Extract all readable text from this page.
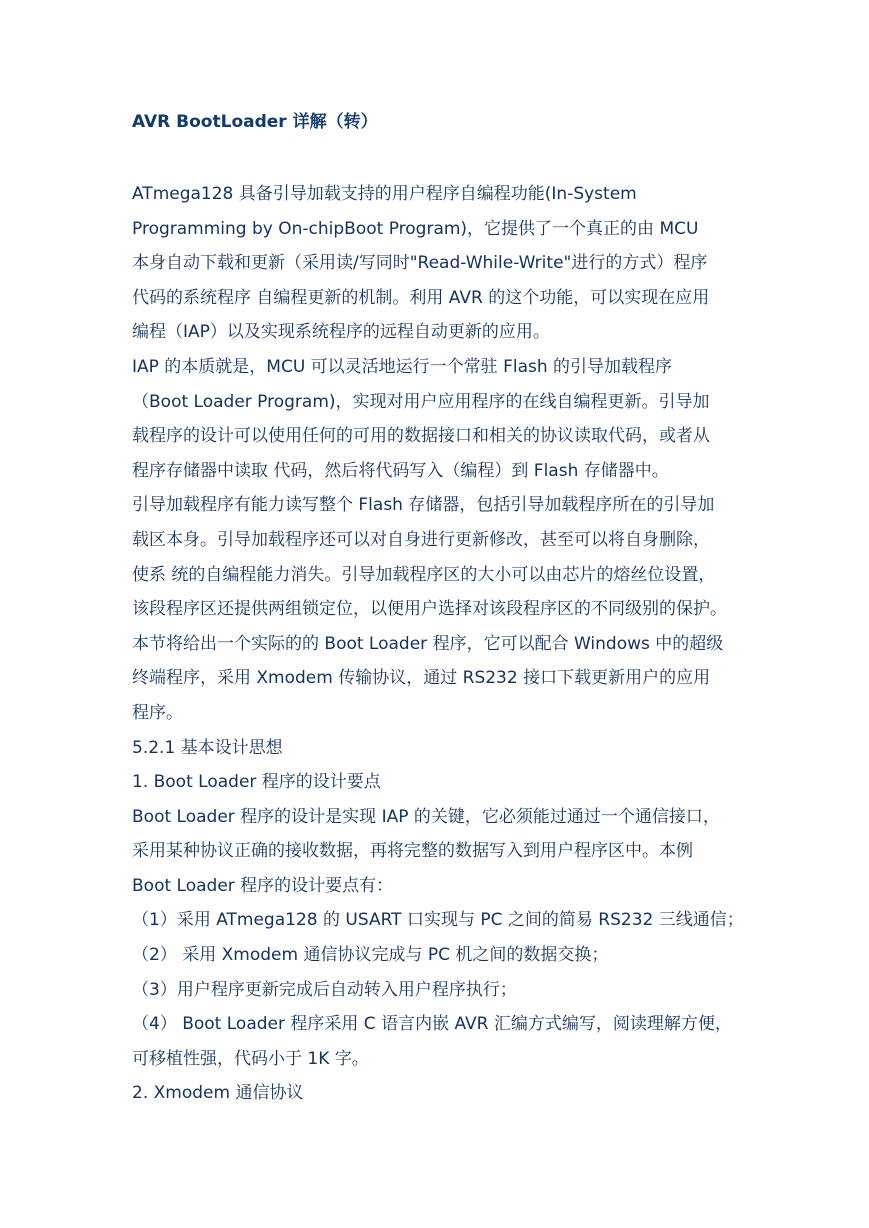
AVR BootLoader 详解（转）
ATmega128 具备引导加载支持的用户程序自编程功能(In-System
Programming by On-chipBoot Program)，它提供了一个真正的由 MCU
本身自动下载和更新（采用读/写同时"Read-While-Write"进行的方式）程序
代码的系统程序 自编程更新的机制。利用 AVR 的这个功能，可以实现在应用
编程（IAP）以及实现系统程序的远程自动更新的应用。
IAP 的本质就是，MCU 可以灵活地运行一个常驻 Flash 的引导加载程序
（Boot Loader Program)，实现对用户应用程序的在线自编程更新。引导加
载程序的设计可以使用任何的可用的数据接口和相关的协议读取代码，或者从
程序存储器中读取 代码，然后将代码写入（编程）到 Flash 存储器中。
引导加载程序有能力读写整个 Flash 存储器，包括引导加载程序所在的引导加
载区本身。引导加载程序还可以对自身进行更新修改，甚至可以将自身删除，
使系 统的自编程能力消失。引导加载程序区的大小可以由芯片的熔丝位设置，
该段程序区还提供两组锁定位，以便用户选择对该段程序区的不同级别的保护。
本节将给出一个实际的的 Boot Loader 程序，它可以配合 Windows 中的超级
终端程序，采用 Xmodem 传输协议，通过 RS232 接口下载更新用户的应用
程序。
5.2.1 基本设计思想
1. Boot Loader 程序的设计要点
Boot Loader 程序的设计是实现 IAP 的关键，它必须能过通过一个通信接口，
采用某种协议正确的接收数据，再将完整的数据写入到用户程序区中。本例
Boot Loader 程序的设计要点有：
（1）采用 ATmega128 的 USART 口实现与 PC 之间的简易 RS232 三线通信；
（2） 采用 Xmodem 通信协议完成与 PC 机之间的数据交换；
（3）用户程序更新完成后自动转入用户程序执行；
（4） Boot Loader 程序采用 C 语言内嵌 AVR 汇编方式编写，阅读理解方便，
可移植性强，代码小于 1K 字。
2. Xmodem 通信协议
